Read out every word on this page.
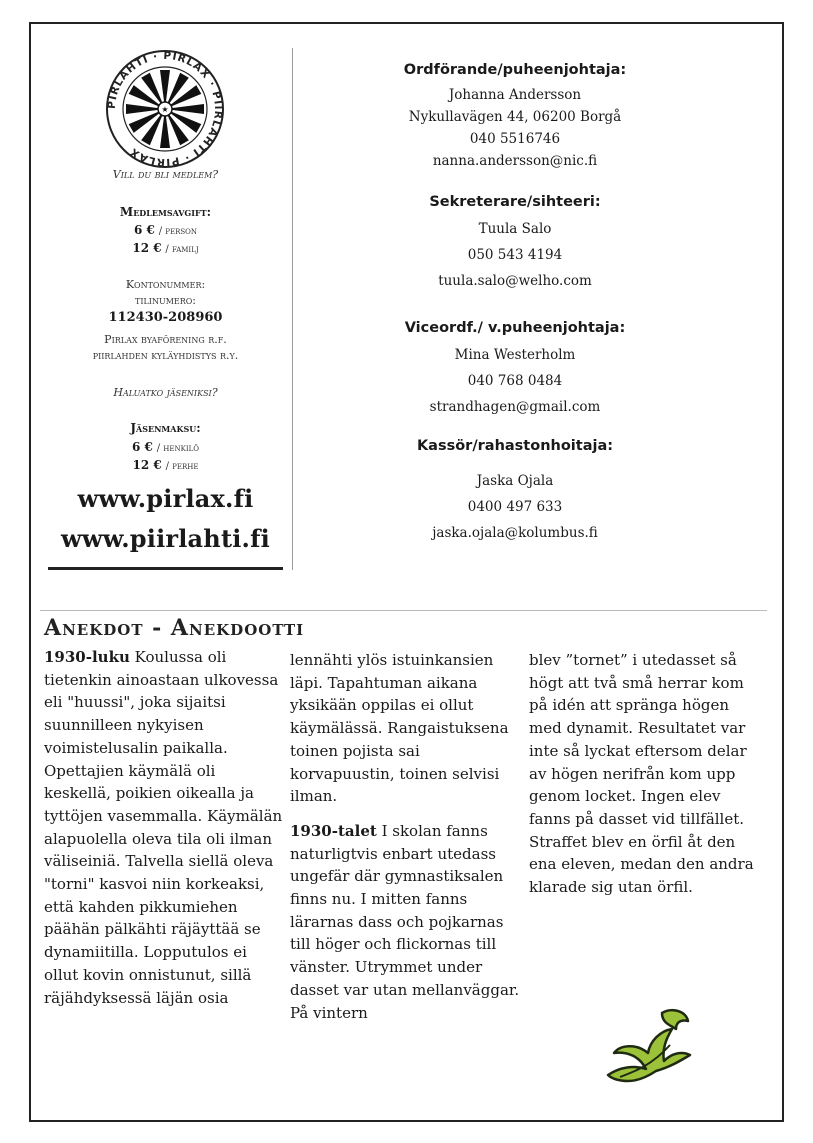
PIRLAHTI · PIRLAX · PIIRLAHTI · PIRLAX
★
Vill du bli medlem?
Medlemsavgift:
6 € / person
12 € / familj
Kontonummer:
tilinumero:
112430-208960
Pirlax byaförening r.f.
piirlahden kyläyhdistys r.y.
Haluatko jäseniksi?
Jäsenmaksu:
6 € / henkilö
12 € / perhe
www.pirlax.fi
www.piirlahti.fi

Ordförande/puheenjohtaja:

Johanna Andersson

Nykullavägen 44, 06200 Borgå

040 5516746

nanna.andersson@nic.fi

Sekreterare/sihteeri:

Tuula Salo

050 543 4194

tuula.salo@welho.com

Viceordf./ v.puheenjohtaja:

Mina Westerholm

040 768 0484

strandhagen@gmail.com

Kassör/rahastonhoitaja:

Jaska Ojala

0400 497 633

jaska.ojala@kolumbus.fi

Anekdot - Anekdootti

1930-luku Koulussa oli tietenkin ainoastaan ulkovessa eli "huussi", joka sijaitsi suunnilleen nykyisen voimistelusalin paikalla. Opettajien käymälä oli keskellä, poikien oikealla ja tyttöjen vasemmalla. Käymälän alapuolella oleva tila oli ilman väliseiniä. Talvella siellä oleva "torni" kasvoi niin korkeaksi, että kahden pikkumiehen päähän pälkähti räjäyttää se dynamiitilla. Lopputulos ei ollut kovin onnistunut, sillä räjähdyksessä läjän osia

lennähti ylös istuinkansien läpi. Tapahtuman aikana yksikään oppilas ei ollut käymälässä. Rangaistuksena toinen pojista sai korvapuustin, toinen selvisi ilman.

1930-talet I skolan fanns naturligtvis enbart utedass ungefär där gymnastiksalen finns nu. I mitten fanns lärarnas dass och pojkarnas till höger och flickornas till vänster. Utrymmet under dasset var utan mellanväggar. På vintern

blev ”tornet” i utedasset så högt att två små herrar kom på idén att spränga högen med dynamit. Resultatet var inte så lyckat eftersom delar av högen nerifrån kom upp genom locket. Ingen elev fanns på dasset vid tillfället. Straffet blev en örfil åt den ena eleven, medan den andra klarade sig utan örfil.
